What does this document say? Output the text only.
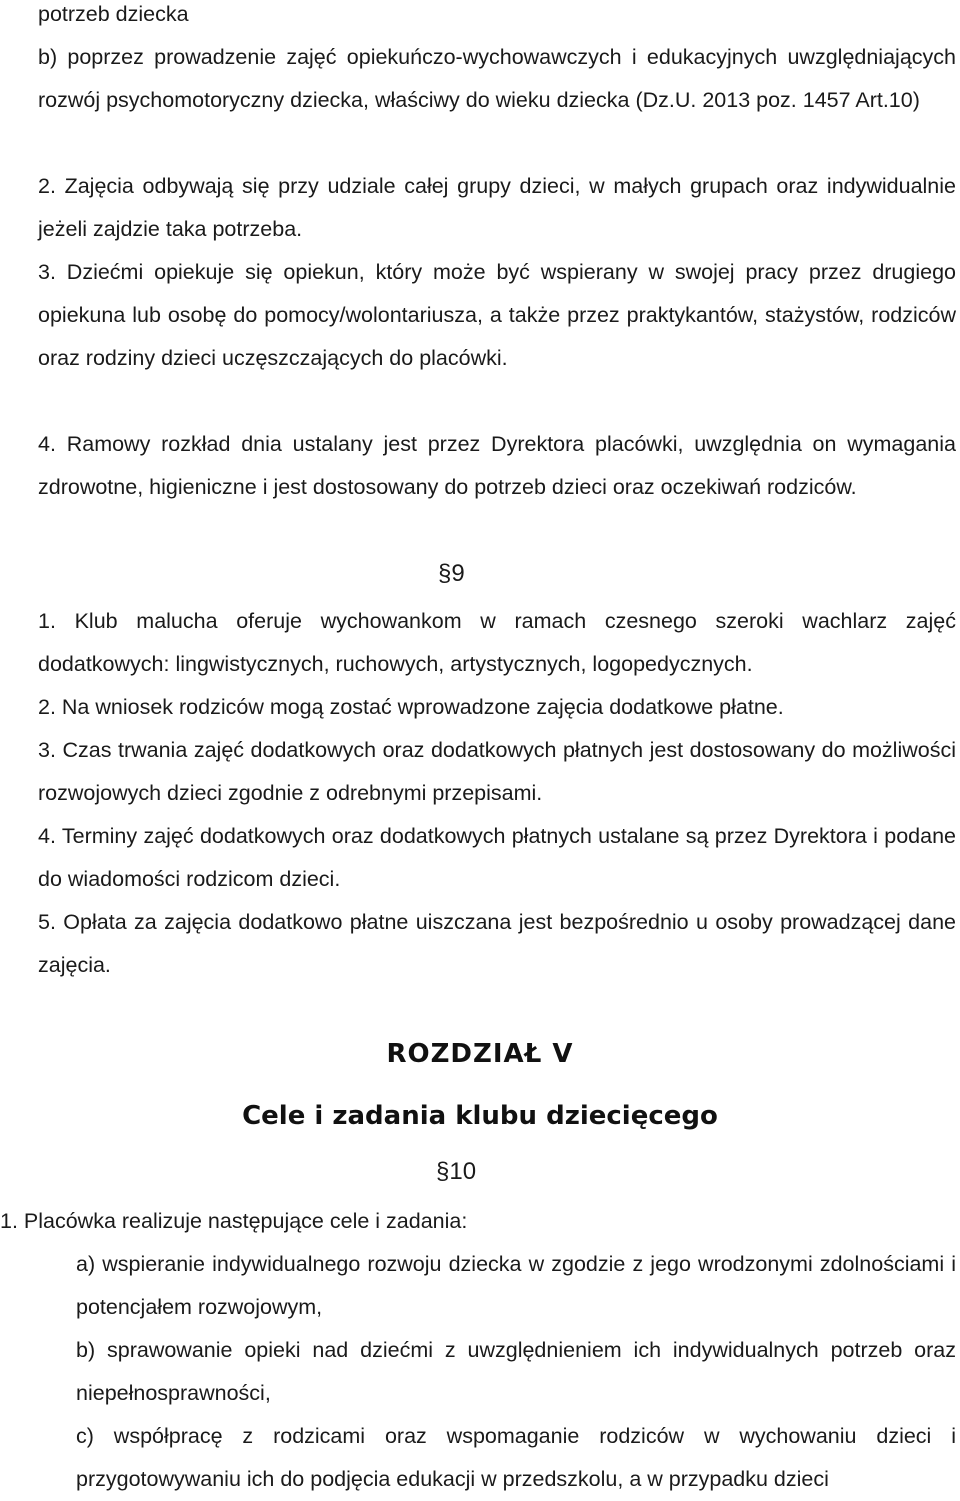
potrzeb dziecka

b) poprzez prowadzenie zajęć opiekuńczo-wychowawczych i edukacyjnych uwzględniających rozwój psychomotoryczny dziecka, właściwy do wieku dziecka (Dz.U. 2013 poz. 1457 Art.10)

2. Zajęcia odbywają się przy udziale całej grupy dzieci, w małych grupach oraz indywidualnie jeżeli zajdzie taka potrzeba.

3. Dziećmi opiekuje się opiekun, który może być wspierany w swojej pracy przez drugiego opiekuna lub osobę do pomocy/wolontariusza, a także przez praktykantów, stażystów, rodziców oraz rodziny dzieci uczęszczających do placówki.

4. Ramowy rozkład dnia ustalany jest przez Dyrektora placówki, uwzględnia on wymagania zdrowotne, higieniczne i jest dostosowany do potrzeb dzieci oraz oczekiwań rodziców.

§9

1. Klub malucha oferuje wychowankom w ramach czesnego szeroki wachlarz zajęć dodatkowych: lingwistycznych, ruchowych, artystycznych, logopedycznych.

2. Na wniosek rodziców mogą zostać wprowadzone zajęcia dodatkowe płatne.

3. Czas trwania zajęć dodatkowych oraz dodatkowych płatnych jest dostosowany do możliwości rozwojowych dzieci zgodnie z odrebnymi przepisami.

4. Terminy zajęć dodatkowych oraz dodatkowych płatnych ustalane są przez Dyrektora i podane do wiadomości rodzicom dzieci.

5. Opłata za zajęcia dodatkowo płatne uiszczana jest bezpośrednio u osoby prowadzącej dane zajęcia.

ROZDZIAŁ V
Cele i zadania klubu dziecięcego

§10

1. Placówka realizuje następujące cele i zadania:

a) wspieranie indywidualnego rozwoju dziecka w zgodzie z jego wrodzonymi zdolnościami i potencjałem rozwojowym,

b) sprawowanie opieki nad dziećmi z uwzględnieniem ich indywidualnych potrzeb oraz niepełnosprawności,

c) współpracę z rodzicami oraz wspomaganie rodziców w wychowaniu dzieci i przygotowywaniu ich do podjęcia edukacji w przedszkolu, a w przypadku dzieci
